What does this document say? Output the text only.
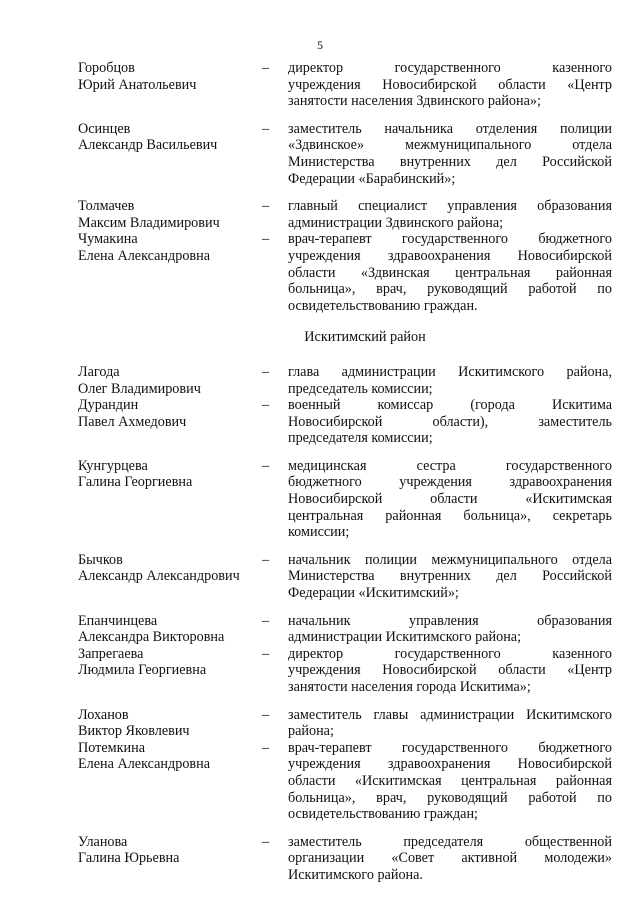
5
Горобцов
Юрий Анатольевич
–	директор государственного казенного
учреждения Новосибирской области «Центр
занятости населения Здвинского района»;
Осинцев
Александр Васильевич
–	заместитель начальника отделения полиции
«Здвинское» межмуниципального отдела
Министерства внутренних дел Российской
Федерации «Барабинский»;
Толмачев
Максим Владимирович
–	главный специалист управления образования
администрации Здвинского района;
Чумакина
Елена Александровна
–	врач-терапевт государственного бюджетного
учреждения здравоохранения Новосибирской
области «Здвинская центральная районная
больница», врач, руководящий работой по
освидетельствованию граждан.
Искитимский район
Лагода
Олег Владимирович
–	глава администрации Искитимского района,
председатель комиссии;
Дурандин
Павел Ахмедович
–	военный комиссар (города Искитима
Новосибирской области), заместитель
председателя комиссии;
Кунгурцева
Галина Георгиевна
–	медицинская сестра государственного
бюджетного учреждения здравоохранения
Новосибирской области «Искитимская
центральная районная больница», секретарь
комиссии;
Бычков
Александр Александрович
–	начальник полиции межмуниципального отдела
Министерства внутренних дел Российской
Федерации «Искитимский»;
Епанчинцева
Александра Викторовна
–	начальник управления образования
администрации Искитимского района;
Запрегаева
Людмила Георгиевна
–	директор государственного казенного
учреждения Новосибирской области «Центр
занятости населения города Искитима»;
Лоханов
Виктор Яковлевич
–	заместитель главы администрации Искитимского
района;
Потемкина
Елена Александровна
–	врач-терапевт государственного бюджетного
учреждения здравоохранения Новосибирской
области «Искитимская центральная районная
больница», врач, руководящий работой по
освидетельствованию граждан;
Уланова
Галина Юрьевна
–	заместитель председателя общественной
организации «Совет активной молодежи»
Искитимского района.
